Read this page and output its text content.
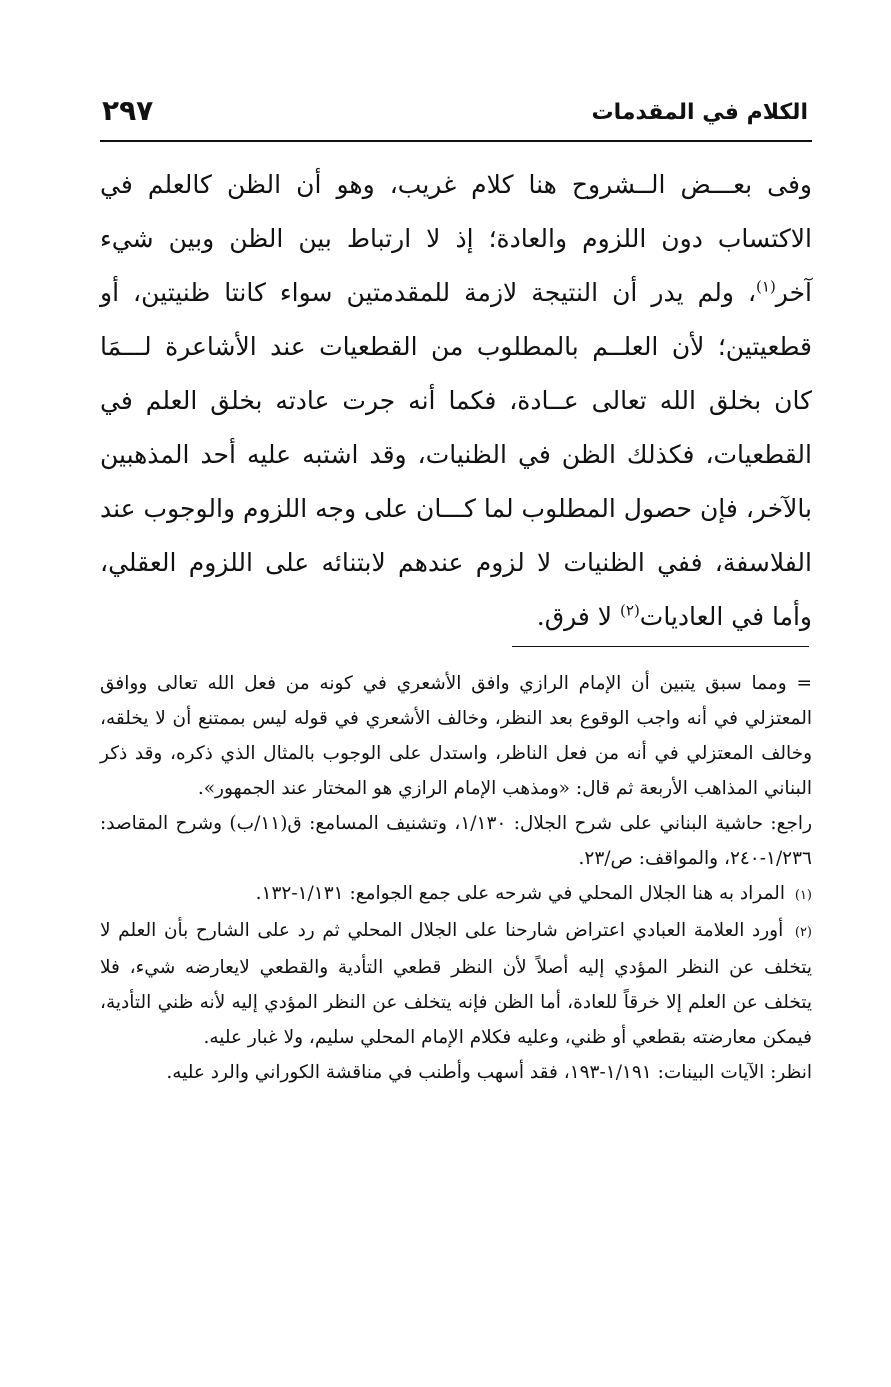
الكلام في المقدمات
٢٩٧

وفى بعـــض الــشروح هنا كلام غريب، وهو أن الظن كالعلم في الاكتساب دون اللزوم والعادة؛ إذ لا ارتباط بين الظن وبين شيء آخر$^{(١)}$، ولم يدر أن النتيجة لازمة للمقدمتين سواء كانتا ظنيتين، أو قطعيتين؛ لأن العلــم بالمطلوب من القطعيات عند الأشاعرة لـــمَا كان بخلق الله تعالى عــادة، فكما أنه جرت عادته بخلق العلم في القطعيات، فكذلك الظن في الظنيات، وقد اشتبه عليه أحد المذهبين بالآخر، فإن حصول المطلوب لما كـــان على وجه اللزوم والوجوب عند الفلاسفة، ففي الظنيات لا لزوم عندهم لابتنائه على اللزوم العقلي، وأما في العاديات$^{(٢)}$ لا فرق.

= ومما سبق يتبين أن الإمام الرازي وافق الأشعري في كونه من فعل الله تعالى ووافق المعتزلي في أنه واجب الوقوع بعد النظر، وخالف الأشعري في قوله ليس بممتنع أن لا يخلقه، وخالف المعتزلي في أنه من فعل الناظر، واستدل على الوجوب بالمثال الذي ذكره، وقد ذكر البناني المذاهب الأربعة ثم قال: «ومذهب الإمام الرازي هو المختار عند الجمهور».

راجع: حاشية البناني على شرح الجلال: ١/١٣٠، وتشنيف المسامع: ق(١١/ب) وشرح المقاصد: ١/٢٣٦-٢٤٠، والمواقف: ص/٢٣.

(١) المراد به هنا الجلال المحلي في شرحه على جمع الجوامع: ١/١٣١-١٣٢.

(٢) أورد العلامة العبادي اعتراض شارحنا على الجلال المحلي ثم رد على الشارح بأن العلم لا يتخلف عن النظر المؤدي إليه أصلاً لأن النظر قطعي التأدية والقطعي لايعارضه شيء، فلا يتخلف عن العلم إلا خرقاً للعادة، أما الظن فإنه يتخلف عن النظر المؤدي إليه لأنه ظني التأدية، فيمكن معارضته بقطعي أو ظني، وعليه فكلام الإمام المحلي سليم، ولا غبار عليه.

انظر: الآيات البينات: ١/١٩١-١٩٣، فقد أسهب وأطنب في مناقشة الكوراني والرد عليه.
